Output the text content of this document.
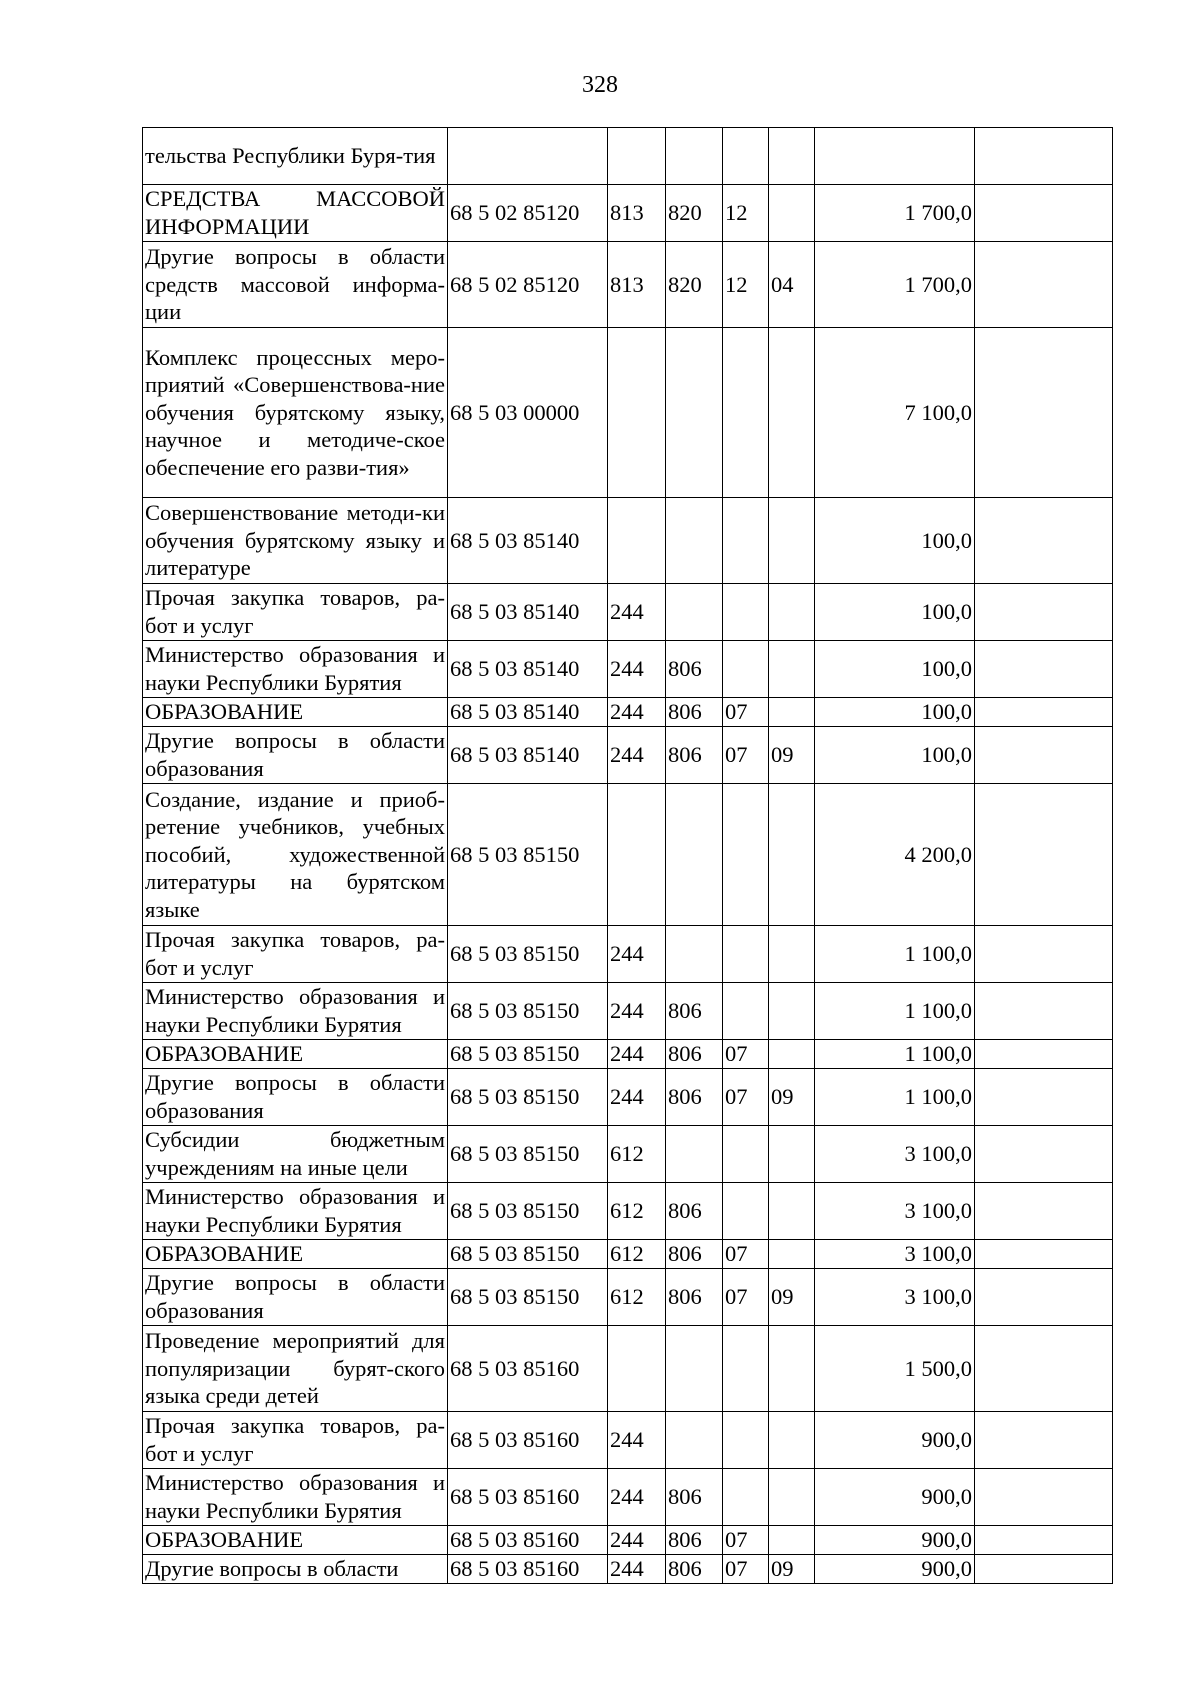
328
тельства Республики Буря-тия							
СРЕДСТВА МАССОВОЙ ИНФОРМАЦИИ	68 5 02 85120	813	820	12		1 700,0	
Другие вопросы в области средств массовой информа-ции	68 5 02 85120	813	820	12	04	1 700,0	
Комплекс процессных меро-приятий «Совершенствова-ние обучения бурятскому языку, научное и методиче-ское обеспечение его разви-тия»	68 5 03 00000					7 100,0	
Совершенствование методи-ки обучения бурятскому языку и литературе	68 5 03 85140					100,0	
Прочая закупка товаров, ра-бот и услуг	68 5 03 85140	244				100,0	
Министерство образования и науки Республики Бурятия	68 5 03 85140	244	806			100,0	
ОБРАЗОВАНИЕ	68 5 03 85140	244	806	07		100,0	
Другие вопросы в области образования	68 5 03 85140	244	806	07	09	100,0	
Создание, издание и приоб-ретение учебников, учебных пособий, художественной литературы на бурятском языке	68 5 03 85150					4 200,0	
Прочая закупка товаров, ра-бот и услуг	68 5 03 85150	244				1 100,0	
Министерство образования и науки Республики Бурятия	68 5 03 85150	244	806			1 100,0	
ОБРАЗОВАНИЕ	68 5 03 85150	244	806	07		1 100,0	
Другие вопросы в области образования	68 5 03 85150	244	806	07	09	1 100,0	
Субсидии бюджетным учреждениям на иные цели	68 5 03 85150	612				3 100,0	
Министерство образования и науки Республики Бурятия	68 5 03 85150	612	806			3 100,0	
ОБРАЗОВАНИЕ	68 5 03 85150	612	806	07		3 100,0	
Другие вопросы в области образования	68 5 03 85150	612	806	07	09	3 100,0	
Проведение мероприятий для популяризации бурят-ского языка среди детей	68 5 03 85160					1 500,0	
Прочая закупка товаров, ра-бот и услуг	68 5 03 85160	244				900,0	
Министерство образования и науки Республики Бурятия	68 5 03 85160	244	806			900,0	
ОБРАЗОВАНИЕ	68 5 03 85160	244	806	07		900,0	
Другие вопросы в области	68 5 03 85160	244	806	07	09	900,0	
